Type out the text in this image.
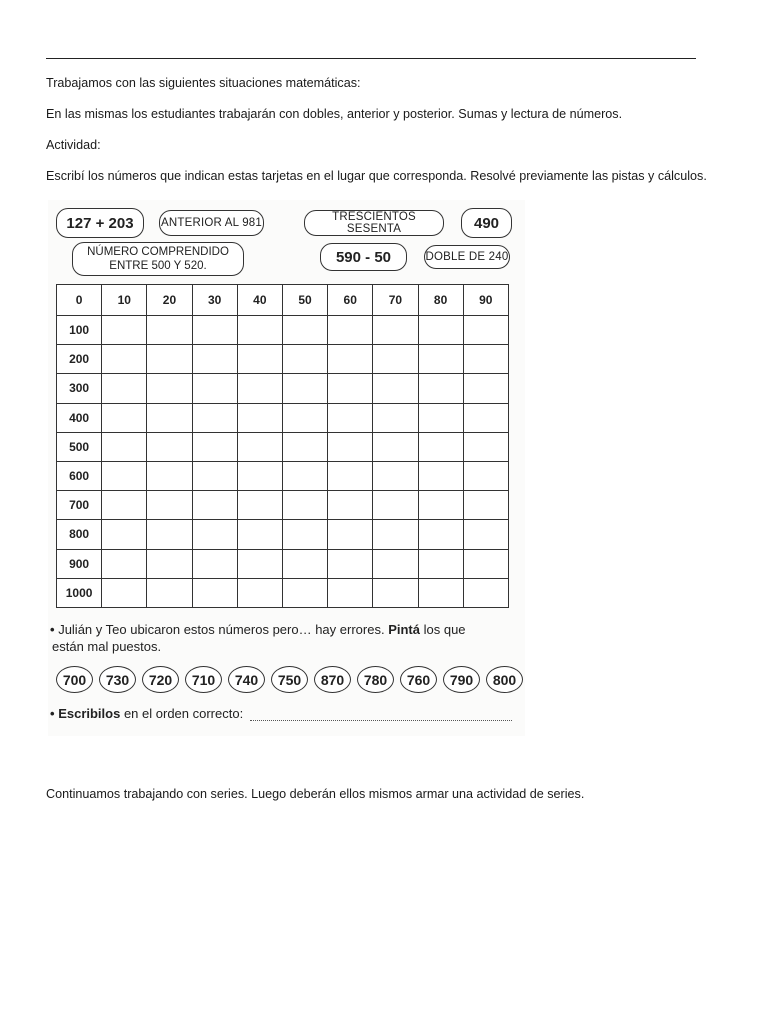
Trabajamos con las siguientes situaciones matemáticas:
En las mismas los estudiantes trabajarán con dobles, anterior y posterior. Sumas y lectura de números.
Actividad:
Escribí los números que indican estas tarjetas en el lugar que corresponda. Resolvé previamente las pistas y cálculos.
127 + 203	ANTERIOR AL 981	TRESCIENTOS SESENTA	490
NÚMERO COMPRENDIDO
ENTRE 500 Y 520.
590 - 50	DOBLE DE 240
0	10	20	30	40	50	60	70	80	90
100									
200									
300									
400									
500									
600									
700									
800									
900									
1000									
• Julián y Teo ubicaron estos números pero… hay errores. Pintá los que
están mal puestos.
700	730	720	710	740	750	870	780	760	790	800
• Escribilos en el orden correcto:
Continuamos trabajando con series. Luego deberán ellos mismos armar una actividad de series.
